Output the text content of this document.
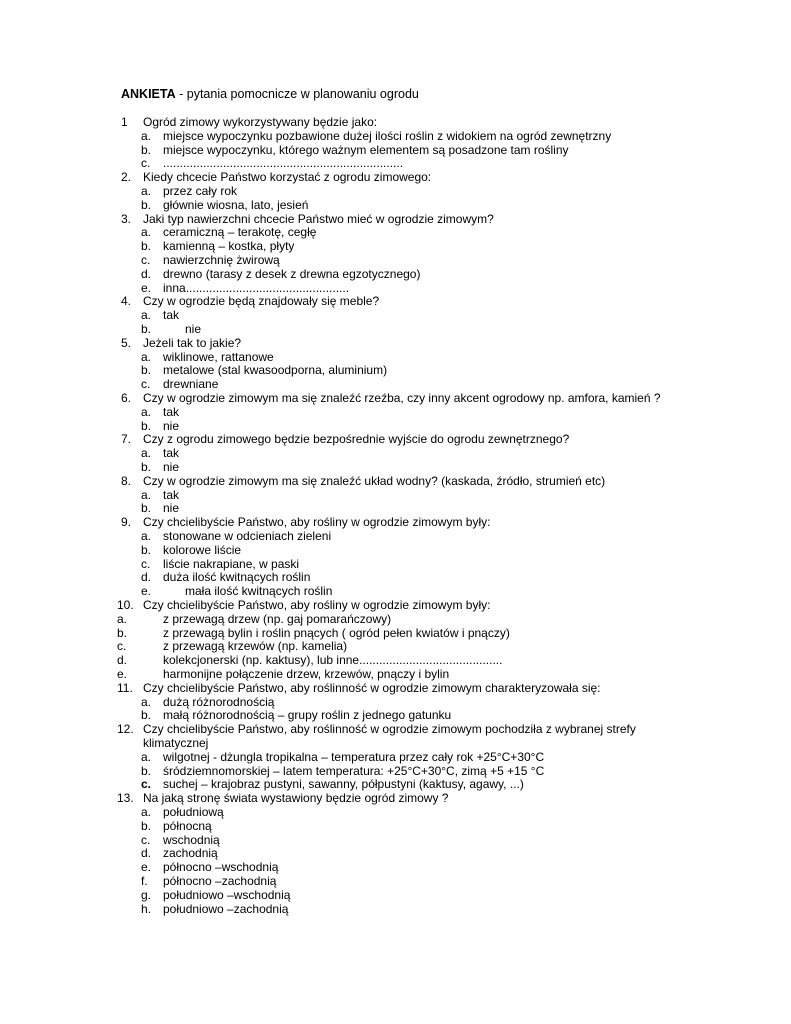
ANKIETA - pytania pomocnicze w planowaniu ogrodu
1 Ogród zimowy wykorzystywany będzie jako:
a. miejsce wypoczynku pozbawione dużej ilości roślin z widokiem na ogród zewnętrzny
b. miejsce wypoczynku, którego ważnym elementem są posadzone tam rośliny
c. ........................................................................
2. Kiedy chcecie Państwo korzystać z ogrodu zimowego:
a. przez cały rok
b. głównie wiosna, lato, jesień
3. Jaki typ nawierzchni chcecie Państwo mieć w ogrodzie zimowym?
a. ceramiczną – terakotę, cegłę
b. kamienną – kostka, płyty
c. nawierzchnię żwirową
d. drewno (tarasy z desek z drewna egzotycznego)
e. inna.................................................
4. Czy w ogrodzie będą znajdowały się meble?
a. tak
b.	nie
5. Jeżeli tak to jakie?
a. wiklinowe, rattanowe
b. metalowe (stal kwasoodporna, aluminium)
c. drewniane
6. Czy w ogrodzie zimowym ma się znaleźć rzeźba, czy inny akcent ogrodowy np. amfora, kamień ?
a. tak
b. nie
7. Czy z ogrodu zimowego będzie bezpośrednie wyjście do ogrodu zewnętrznego?
a. tak
b. nie
8. Czy w ogrodzie zimowym ma się znaleźć układ wodny? (kaskada, źródło, strumień etc)
a. tak
b. nie
9. Czy chcielibyście Państwo, aby rośliny w ogrodzie zimowym były:
a. stonowane w odcieniach zieleni
b. kolorowe liście
c. liście nakrapiane, w paski
d. duża ilość kwitnących roślin
e.	mała ilość kwitnących roślin
10. Czy chcielibyście Państwo, aby rośliny w ogrodzie zimowym były:
a.	z przewagą drzew (np. gaj pomarańczowy)
b.	z przewagą bylin i roślin pnących ( ogród pełen kwiatów i pnączy)
c.	z przewagą krzewów (np. kamelia)
d.	kolekcjonerski (np. kaktusy), lub inne...........................................
e.	harmonijne połączenie drzew, krzewów, pnączy i bylin
11. Czy chcielibyście Państwo, aby roślinność w ogrodzie zimowym charakteryzowała się:
a. dużą różnorodnością
b. małą różnorodnością – grupy roślin z jednego gatunku
12. Czy chcielibyście Państwo, aby roślinność w ogrodzie zimowym pochodziła z wybranej strefy
klimatycznej
a. wilgotnej - dżungla tropikalna – temperatura przez cały rok +25°C+30°C
b. śródziemnomorskiej – latem temperatura: +25°C+30°C, zimą +5 +15 °C
c. suchej – krajobraz pustyni, sawanny, półpustyni (kaktusy, agawy, ...)
13. Na jaką stronę świata wystawiony będzie ogród zimowy ?
a. południową
b. północną
c. wschodnią
d. zachodnią
e. północno –wschodnią
f. północno –zachodnią
g. południowo –wschodnią
h. południowo –zachodnią
